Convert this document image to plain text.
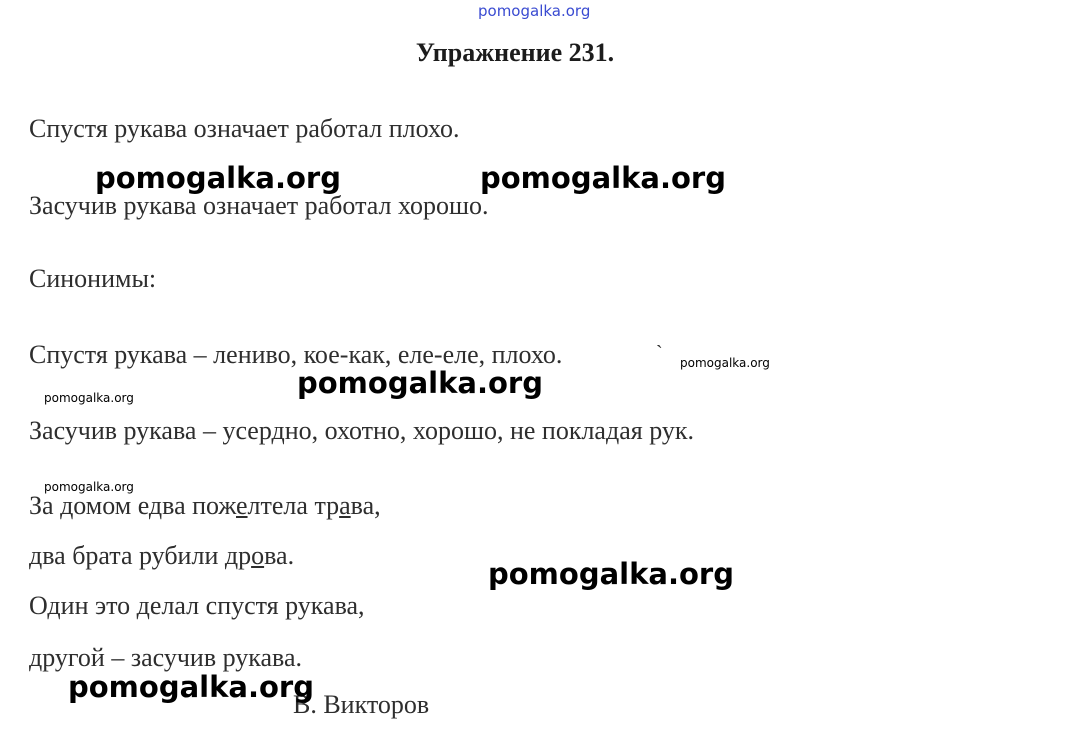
pomogalka.org
Упражнение 231.

Спустя рукава означает работал плохо.

Засучив рукава означает работал хорошо.

Синонимы:

Спустя рукава – лениво, кое-как, еле-еле, плохо.	`

Засучив рукава – усердно, охотно, хорошо, не покладая рук.

За домом едва пожелтела трава,

два брата рубили дрова.

Один это делал спустя рукава,

другой – засучив рукава.

В. Викторов

pomogalka.org	pomogalka.org
pomogalka.org
pomogalka.org
pomogalka.org
pomogalka.org
pomogalka.org
pomogalka.org
